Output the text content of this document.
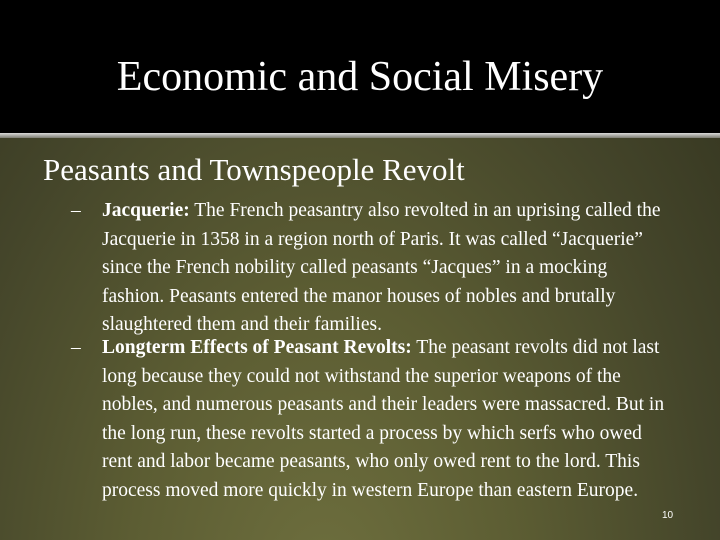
Economic and Social Misery
Peasants and Townspeople Revolt
– Jacquerie: The French peasantry also revolted in an uprising called the Jacquerie in 1358 in a region north of Paris. It was called “Jacquerie” since the French nobility called peasants “Jacques” in a mocking fashion. Peasants entered the manor houses of nobles and brutally slaughtered them and their families.
– Longterm Effects of Peasant Revolts: The peasant revolts did not last long because they could not withstand the superior weapons of the nobles, and numerous peasants and their leaders were massacred. But in the long run, these revolts started a process by which serfs who owed rent and labor became peasants, who only owed rent to the lord. This process moved more quickly in western Europe than eastern Europe.
10
